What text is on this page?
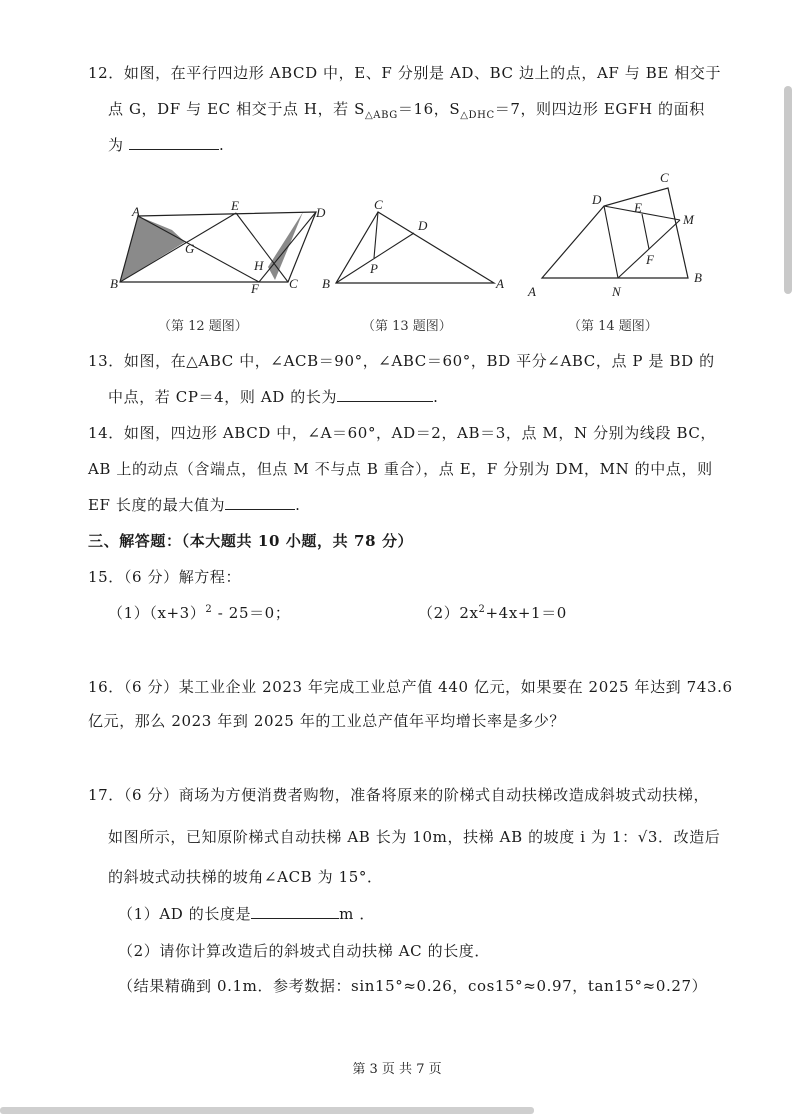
12．如图，在平行四边形 ABCD 中，E、F 分别是 AD、BC 边上的点，AF 与 BE 相交于
点 G，DF 与 EC 相交于点 H，若 $S_{\triangle ABG}=16$，$S_{\triangle DHC}=7$，则四边形 EGFH 的面积
为	.
A
B	C
D
E
F
G
H
C
D
P
B	A
D
C
E
M
F
A	N
B
（第 12 题图）	（第 13 题图）	（第 14 题图）
13．如图，在△ABC 中，∠ACB＝90°，∠ABC＝60°，BD 平分∠ABC，点 P 是 BD 的
中点，若 CP＝4，则 AD 的长为	.
14．如图，四边形 ABCD 中，∠A＝60°，AD＝2，AB＝3，点 M，N 分别为线段 BC，
AB 上的动点（含端点，但点 M 不与点 B 重合），点 E，F 分别为 DM，MN 的中点，则
EF 长度的最大值为	.
三、解答题：（本大题共 10 小题，共 78 分）
15．（6 分）解方程：
$(1)(x+3)^2 - 25=0$；	$(2)2x^2+4x+1=0$
16．（6 分）某工业企业 2023 年完成工业总产值 440 亿元，如果要在 2025 年达到 743.6
亿元，那么 2023 年到 2025 年的工业总产值年平均增长率是多少？
17．（6 分）商场为方便消费者购物，准备将原来的阶梯式自动扶梯改造成斜坡式动扶梯，
如图所示，已知原阶梯式自动扶梯 AB 长为 10m，扶梯 AB 的坡度 i 为 1：√3．改造后
的斜坡式动扶梯的坡角∠ACB 为 15°．
（1）AD 的长度是	m ．
（2）请你计算改造后的斜坡式自动扶梯 AC 的长度．
（结果精确到 0.1m．参考数据：sin15°≈0.26，cos15°≈0.97，tan15°≈0.27）
第 3 页 共 7 页
